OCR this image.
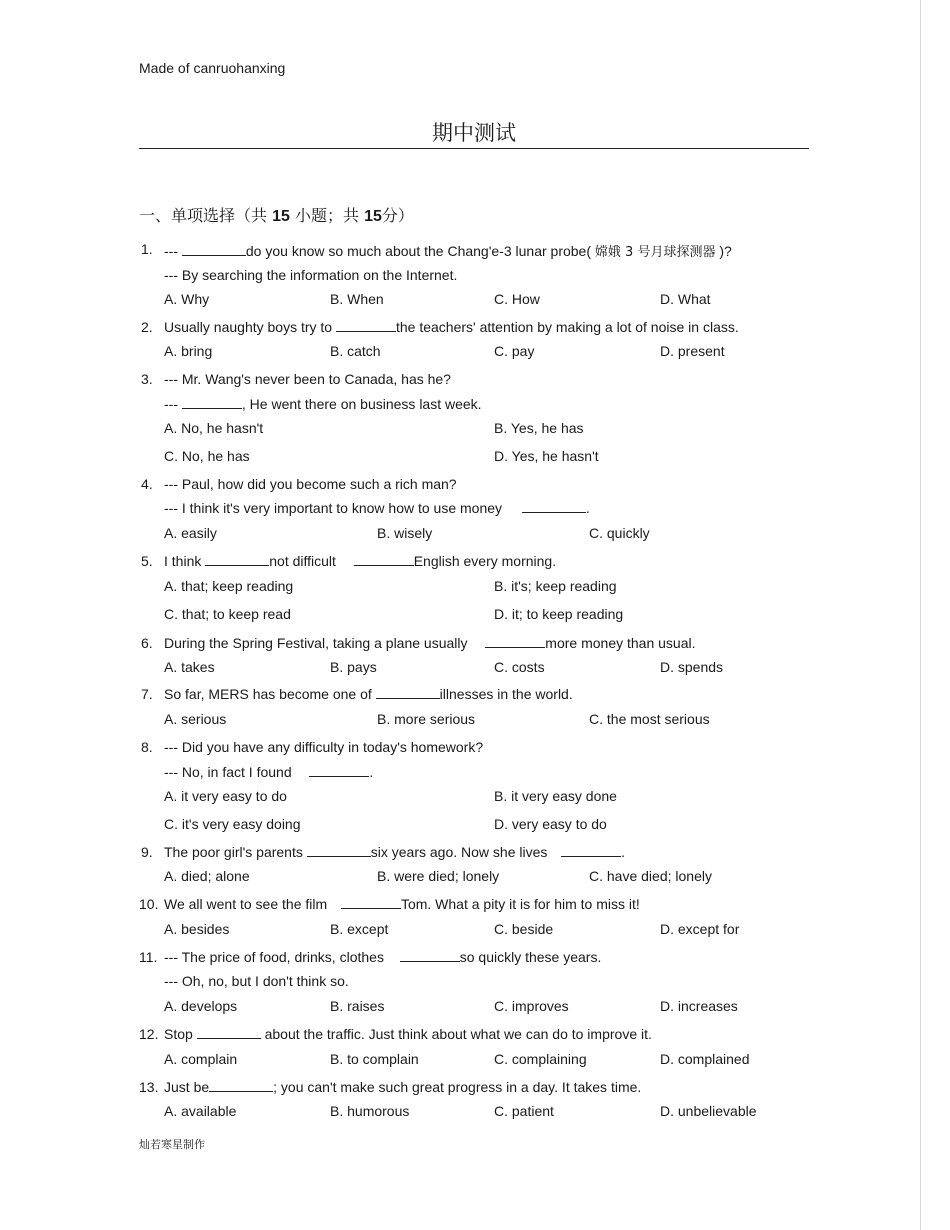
Made of canruohanxing
期中测试
一、单项选择（共 15 小题；共 15分）
1. ---	do you know so much about the Chang'e-3 lunar probe( 嫦娥 3 号月球探测器 )?
--- By searching the information on the Internet.
A. Why	B. When	C. How	D. What
2. Usually naughty boys try to	the teachers' attention by making a lot of noise in class.
A. bring	B. catch	C. pay	D. present
3. --- Mr. Wang's never been to Canada, has he?
---	, He went there on business last week.
A. No, he hasn't	B. Yes, he has
C. No, he has	D. Yes, he hasn't
4. --- Paul, how did you become such a rich man?
--- I think it's very important to know how to use money	.
A. easily	B. wisely	C. quickly
5. I think	not difficult	English every morning.
A. that; keep reading	B. it's; keep reading
C. that; to keep read	D. it; to keep reading
6. During the Spring Festival, taking a plane usually	more money than usual.
A. takes	B. pays	C. costs	D. spends
7. So far, MERS has become one of	illnesses in the world.
A. serious	B. more serious	C. the most serious
8. --- Did you have any difficulty in today's homework?
--- No, in fact I found	.
A. it very easy to do	B. it very easy done
C. it's very easy doing	D. very easy to do
9. The poor girl's parents	six years ago. Now she lives	.
A. died; alone	B. were died; lonely	C. have died; lonely
10. We all went to see the film	Tom. What a pity it is for him to miss it!
A. besides	B. except	C. beside	D. except for
11. --- The price of food, drinks, clothes	so quickly these years.
--- Oh, no, but I don't think so.
A. develops	B. raises	C. improves	D. increases
12. Stop	about the traffic. Just think about what we can do to improve it.
A. complain	B. to complain	C. complaining	D. complained
13. Just be	; you can't make such great progress in a day. It takes time.
A. available	B. humorous	C. patient	D. unbelievable
灿若寒星制作
